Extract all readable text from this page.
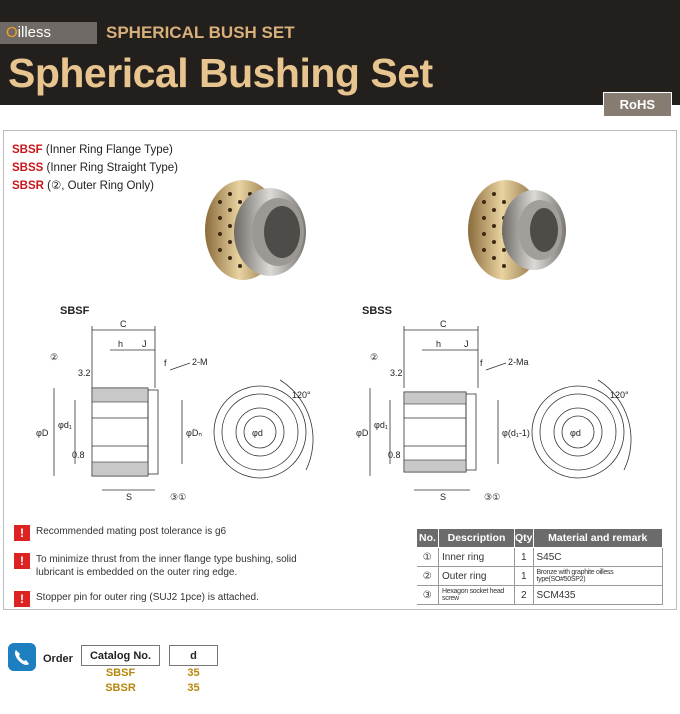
Oilless	SPHERICAL BUSH SET
Spherical Bushing Set
RoHS
SBSF (Inner Ring Flange Type)
SBSS (Inner Ring Straight Type)
SBSR (②, Outer Ring Only)
SBSF	SBSS
C
h J
f	2-M
3.2
0.8
②
φD
φd₁
φDₙ
S	③①
120°
φd
C
h	J
f	2-Ma
3.2
0.8
②
φD
φd₁
φ(d₁-1)
S	③①
120°
φd
!
Recommended mating post tolerance is g6
!
To minimize thrust from the inner flange type bushing, solid lubricant is embedded on the outer ring edge.
!
Stopper pin for outer ring (SUJ2 1pce) is attached.
No.	Description	Qty	Material and remark
①	Inner ring	1	S45C
②	Outer ring	1	Bronze with graphite oilless type(SO#50SP2)
③	Hexagon socket head screw	2	SCM435
Order Catalog No.		d
SBSF		35
SBSR		35
